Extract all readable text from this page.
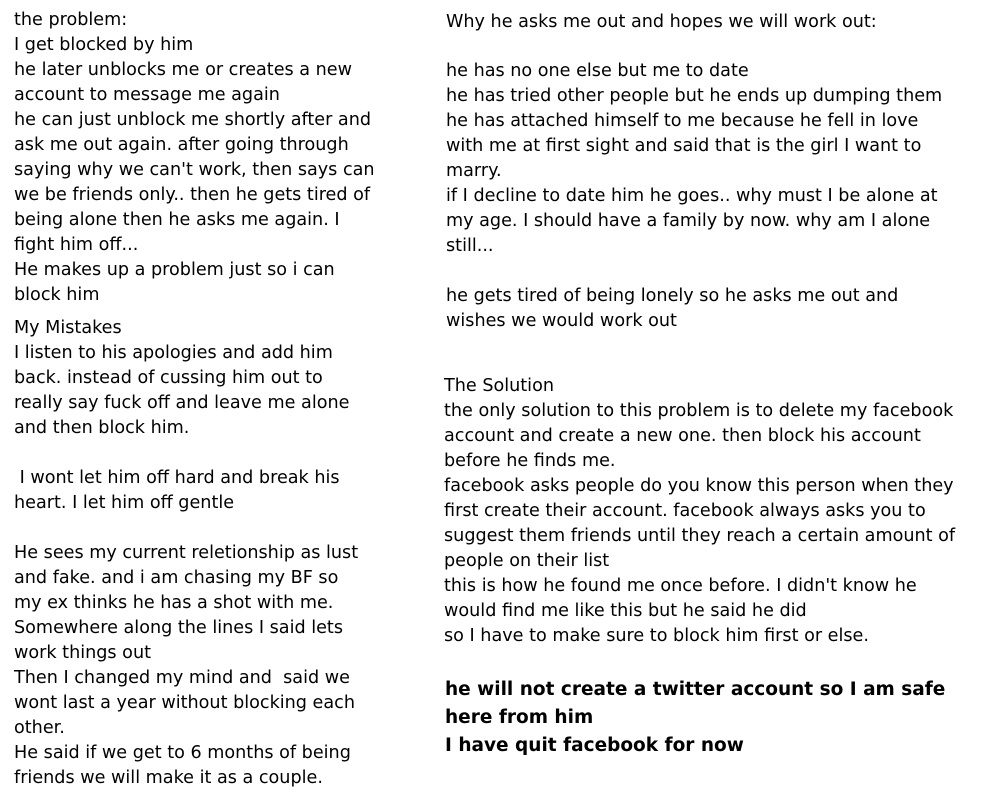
the problem:
I get blocked by him
he later unblocks me or creates a new
account to message me again
he can just unblock me shortly after and
ask me out again. after going through
saying why we can't work, then says can
we be friends only.. then he gets tired of
being alone then he asks me again. I
fight him off...
He makes up a problem just so i can
block him
My Mistakes
I listen to his apologies and add him
back. instead of cussing him out to
really say fuck off and leave me alone
and then block him.
I wont let him off hard and break his
heart. I let him off gentle
He sees my current reletionship as lust
and fake. and i am chasing my BF so
my ex thinks he has a shot with me.
Somewhere along the lines I said lets
work things out
Then I changed my mind and  said we
wont last a year without blocking each
other.
He said if we get to 6 months of being
friends we will make it as a couple.
Why he asks me out and hopes we will work out:
he has no one else but me to date
he has tried other people but he ends up dumping them
he has attached himself to me because he fell in love
with me at first sight and said that is the girl I want to
marry.
if I decline to date him he goes.. why must I be alone at
my age. I should have a family by now. why am I alone
still...
he gets tired of being lonely so he asks me out and
wishes we would work out
The Solution
the only solution to this problem is to delete my facebook
account and create a new one. then block his account
before he finds me.
facebook asks people do you know this person when they
first create their account. facebook always asks you to
suggest them friends until they reach a certain amount of
people on their list
this is how he found me once before. I didn't know he
would find me like this but he said he did
so I have to make sure to block him first or else.
he will not create a twitter account so I am safe
here from him
I have quit facebook for now
